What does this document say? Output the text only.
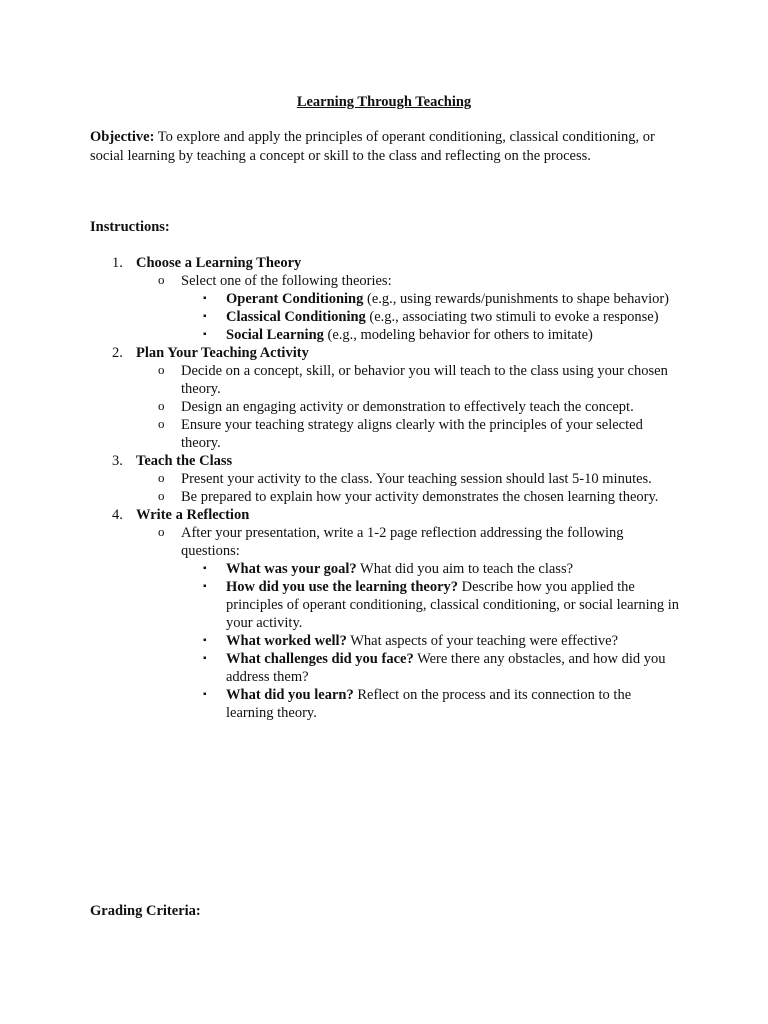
Learning Through Teaching
Objective: To explore and apply the principles of operant conditioning, classical conditioning, or social learning by teaching a concept or skill to the class and reflecting on the process.
Instructions:
1. Choose a Learning Theory
o Select one of the following theories:
▪ Operant Conditioning (e.g., using rewards/punishments to shape behavior)
▪ Classical Conditioning (e.g., associating two stimuli to evoke a response)
▪ Social Learning (e.g., modeling behavior for others to imitate)
2. Plan Your Teaching Activity
o Decide on a concept, skill, or behavior you will teach to the class using your chosen theory.
o Design an engaging activity or demonstration to effectively teach the concept.
o Ensure your teaching strategy aligns clearly with the principles of your selected theory.
3. Teach the Class
o Present your activity to the class. Your teaching session should last 5-10 minutes.
o Be prepared to explain how your activity demonstrates the chosen learning theory.
4. Write a Reflection
o After your presentation, write a 1-2 page reflection addressing the following questions:
▪ What was your goal? What did you aim to teach the class?
▪ How did you use the learning theory? Describe how you applied the principles of operant conditioning, classical conditioning, or social learning in your activity.
▪ What worked well? What aspects of your teaching were effective?
▪ What challenges did you face? Were there any obstacles, and how did you address them?
▪ What did you learn? Reflect on the process and its connection to the learning theory.
Grading Criteria:
